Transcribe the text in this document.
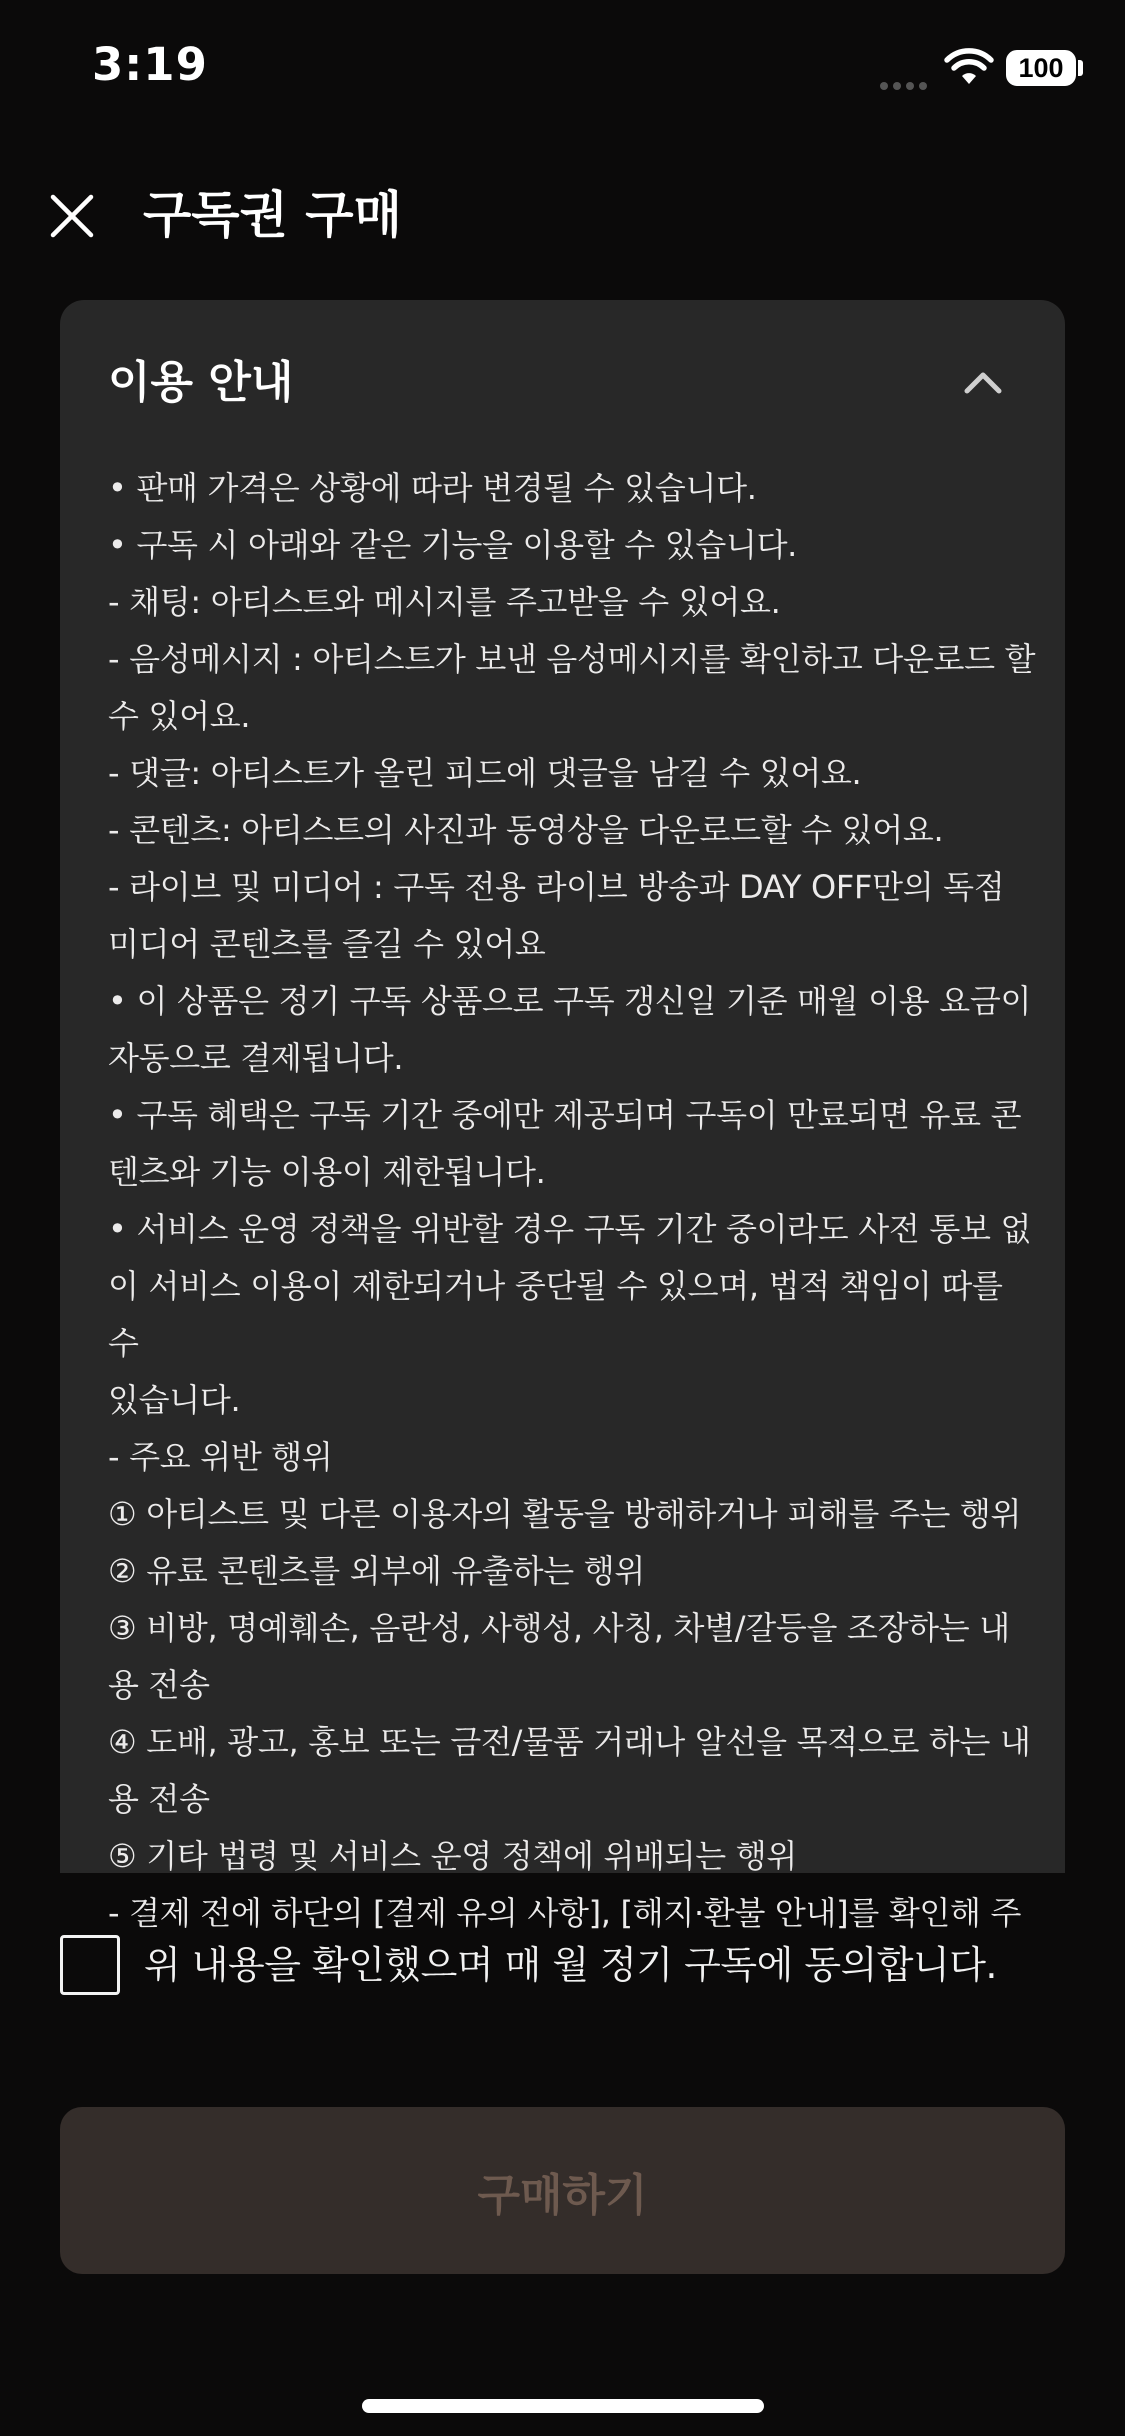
3:19	100
구독권 구매
이용 안내

• 판매 가격은 상황에 따라 변경될 수 있습니다.

• 구독 시 아래와 같은 기능을 이용할 수 있습니다.

- 채팅: 아티스트와 메시지를 주고받을 수 있어요.

- 음성메시지 : 아티스트가 보낸 음성메시지를 확인하고 다운로드 할

수 있어요.

- 댓글: 아티스트가 올린 피드에 댓글을 남길 수 있어요.

- 콘텐츠: 아티스트의 사진과 동영상을 다운로드할 수 있어요.

- 라이브 및 미디어 : 구독 전용 라이브 방송과 DAY OFF만의 독점

미디어 콘텐츠를 즐길 수 있어요

• 이 상품은 정기 구독 상품으로 구독 갱신일 기준 매월 이용 요금이

자동으로 결제됩니다.

• 구독 혜택은 구독 기간 중에만 제공되며 구독이 만료되면 유료 콘

텐츠와 기능 이용이 제한됩니다.

• 서비스 운영 정책을 위반할 경우 구독 기간 중이라도 사전 통보 없

이 서비스 이용이 제한되거나 중단될 수 있으며, 법적 책임이 따를 수

있습니다.

- 주요 위반 행위

① 아티스트 및 다른 이용자의 활동을 방해하거나 피해를 주는 행위

② 유료 콘텐츠를 외부에 유출하는 행위

③ 비방, 명예훼손, 음란성, 사행성, 사칭, 차별/갈등을 조장하는 내

용 전송

④ 도배, 광고, 홍보 또는 금전/물품 거래나 알선을 목적으로 하는 내

용 전송

⑤ 기타 법령 및 서비스 운영 정책에 위배되는 행위

- 결제 전에 하단의 [결제 유의 사항], [해지·환불 안내]를 확인해 주

위 내용을 확인했으며 매 월 정기 구독에 동의합니다.
구매하기
